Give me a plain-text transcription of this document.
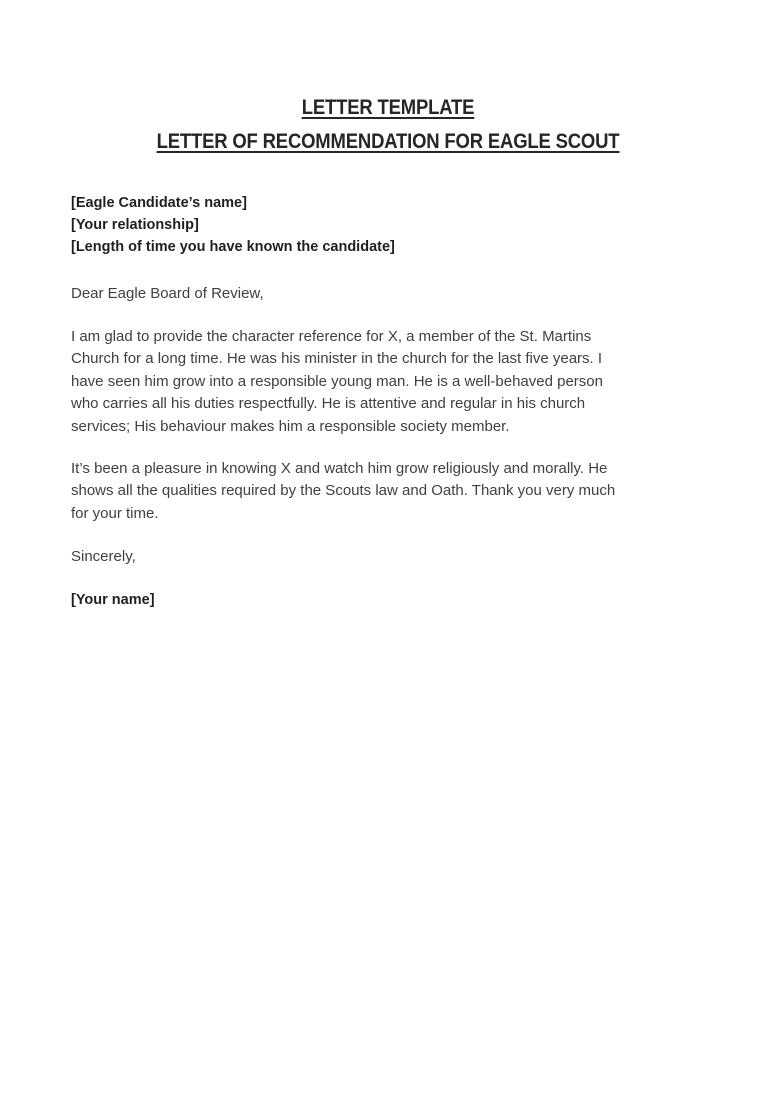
LETTER TEMPLATE
LETTER OF RECOMMENDATION FOR EAGLE SCOUT
[Eagle Candidate’s name]
[Your relationship]
[Length of time you have known the candidate]
Dear Eagle Board of Review,
I am glad to provide the character reference for X, a member of the St. Martins
Church for a long time. He was his minister in the church for the last five years. I
have seen him grow into a responsible young man. He is a well-behaved person
who carries all his duties respectfully. He is attentive and regular in his church
services; His behaviour makes him a responsible society member.
It’s been a pleasure in knowing X and watch him grow religiously and morally. He
shows all the qualities required by the Scouts law and Oath. Thank you very much
for your time.
Sincerely,
[Your name]
